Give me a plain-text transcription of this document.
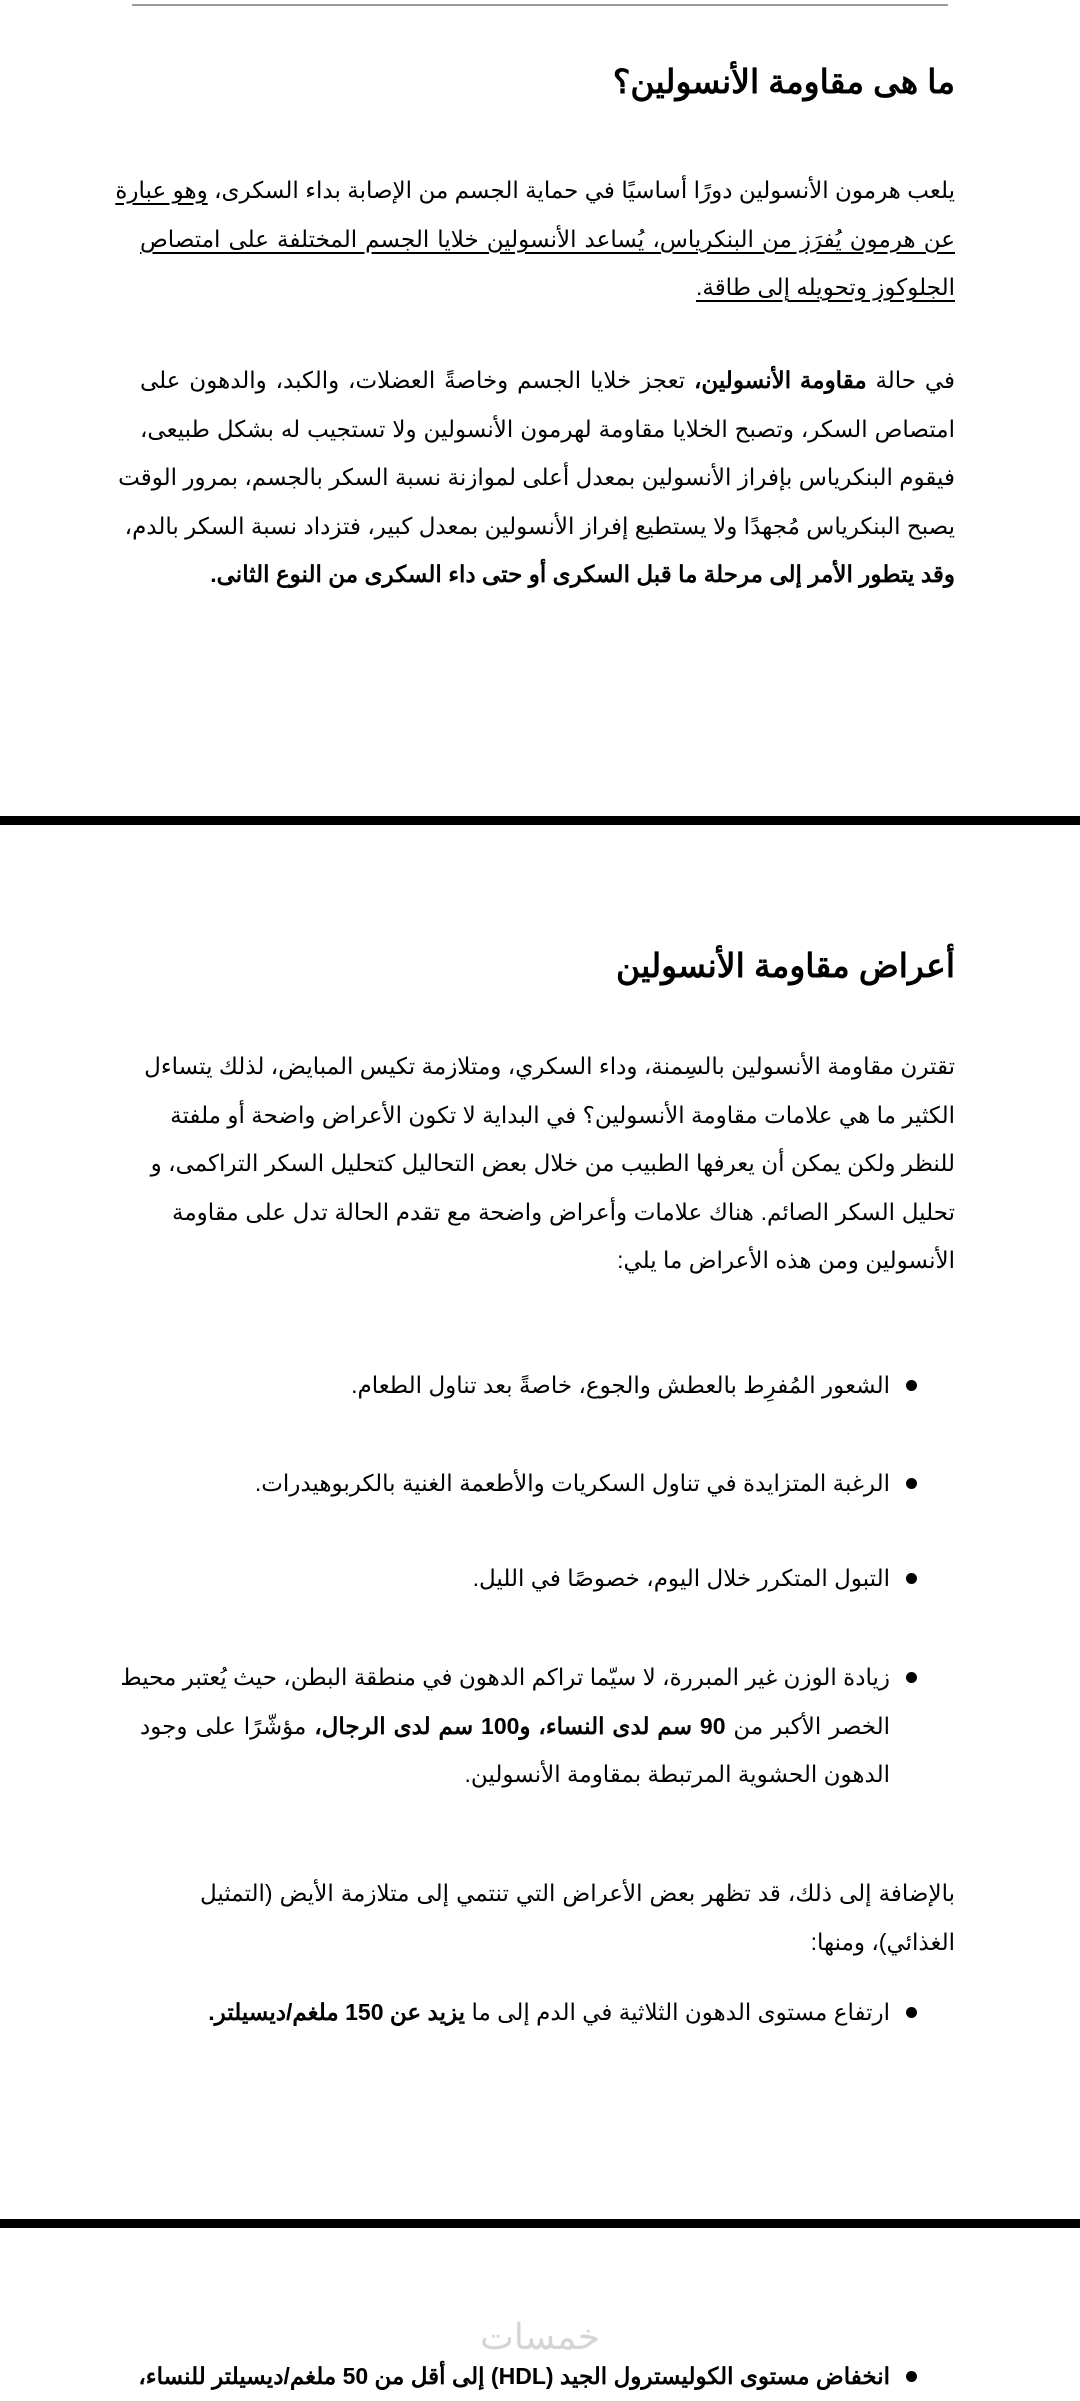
ما هى مقاومة الأنسولين؟
يلعب هرمون الأنسولين دورًا أساسيًا في حماية الجسم من الإصابة بداء السكرى، وهو عبارة
عن هرمون يُفرَز من البنكرياس، يُساعد الأنسولين خلايا الجسم المختلفة على امتصاص
الجلوكوز وتحويله إلى طاقة.
في حالة مقاومة الأنسولين، تعجز خلايا الجسم وخاصةً العضلات، والكبد، والدهون على
امتصاص السكر، وتصبح الخلايا مقاومة لهرمون الأنسولين ولا تستجيب له بشكل طبيعى،
فيقوم البنكرياس بإفراز الأنسولين بمعدل أعلى لموازنة نسبة السكر بالجسم، بمرور الوقت
يصبح البنكرياس مُجهدًا ولا يستطيع إفراز الأنسولين بمعدل كبير، فتزداد نسبة السكر بالدم،
وقد يتطور الأمر إلى مرحلة ما قبل السكرى أو حتى داء السكرى من النوع الثانى.
أعراض مقاومة الأنسولين
تقترن مقاومة الأنسولين بالسِمنة، وداء السكري، ومتلازمة تكيس المبايض، لذلك يتساءل
الكثير ما هي علامات مقاومة الأنسولين؟ في البداية لا تكون الأعراض واضحة أو ملفتة
للنظر ولكن يمكن أن يعرفها الطبيب من خلال بعض التحاليل كتحليل السكر التراكمى، و
تحليل السكر الصائم. هناك علامات وأعراض واضحة مع تقدم الحالة تدل على مقاومة
الأنسولين ومن هذه الأعراض ما يلي:
الشعور المُفرِط بالعطش والجوع، خاصةً بعد تناول الطعام.
الرغبة المتزايدة في تناول السكريات والأطعمة الغنية بالكربوهيدرات.
التبول المتكرر خلال اليوم، خصوصًا في الليل.
زيادة الوزن غير المبررة، لا سيّما تراكم الدهون في منطقة البطن، حيث يُعتبر محيط
الخصر الأكبر من 90 سم لدى النساء، و100 سم لدى الرجال، مؤشّرًا على وجود
الدهون الحشوية المرتبطة بمقاومة الأنسولين.
بالإضافة إلى ذلك، قد تظهر بعض الأعراض التي تنتمي إلى متلازمة الأيض (التمثيل
الغذائي)، ومنها:
ارتفاع مستوى الدهون الثلاثية في الدم إلى ما يزيد عن 150 ملغم/ديسيلتر.
خمسات
انخفاض مستوى الكوليسترول الجيد (HDL) إلى أقل من 50 ملغم/ديسيلتر للنساء،
